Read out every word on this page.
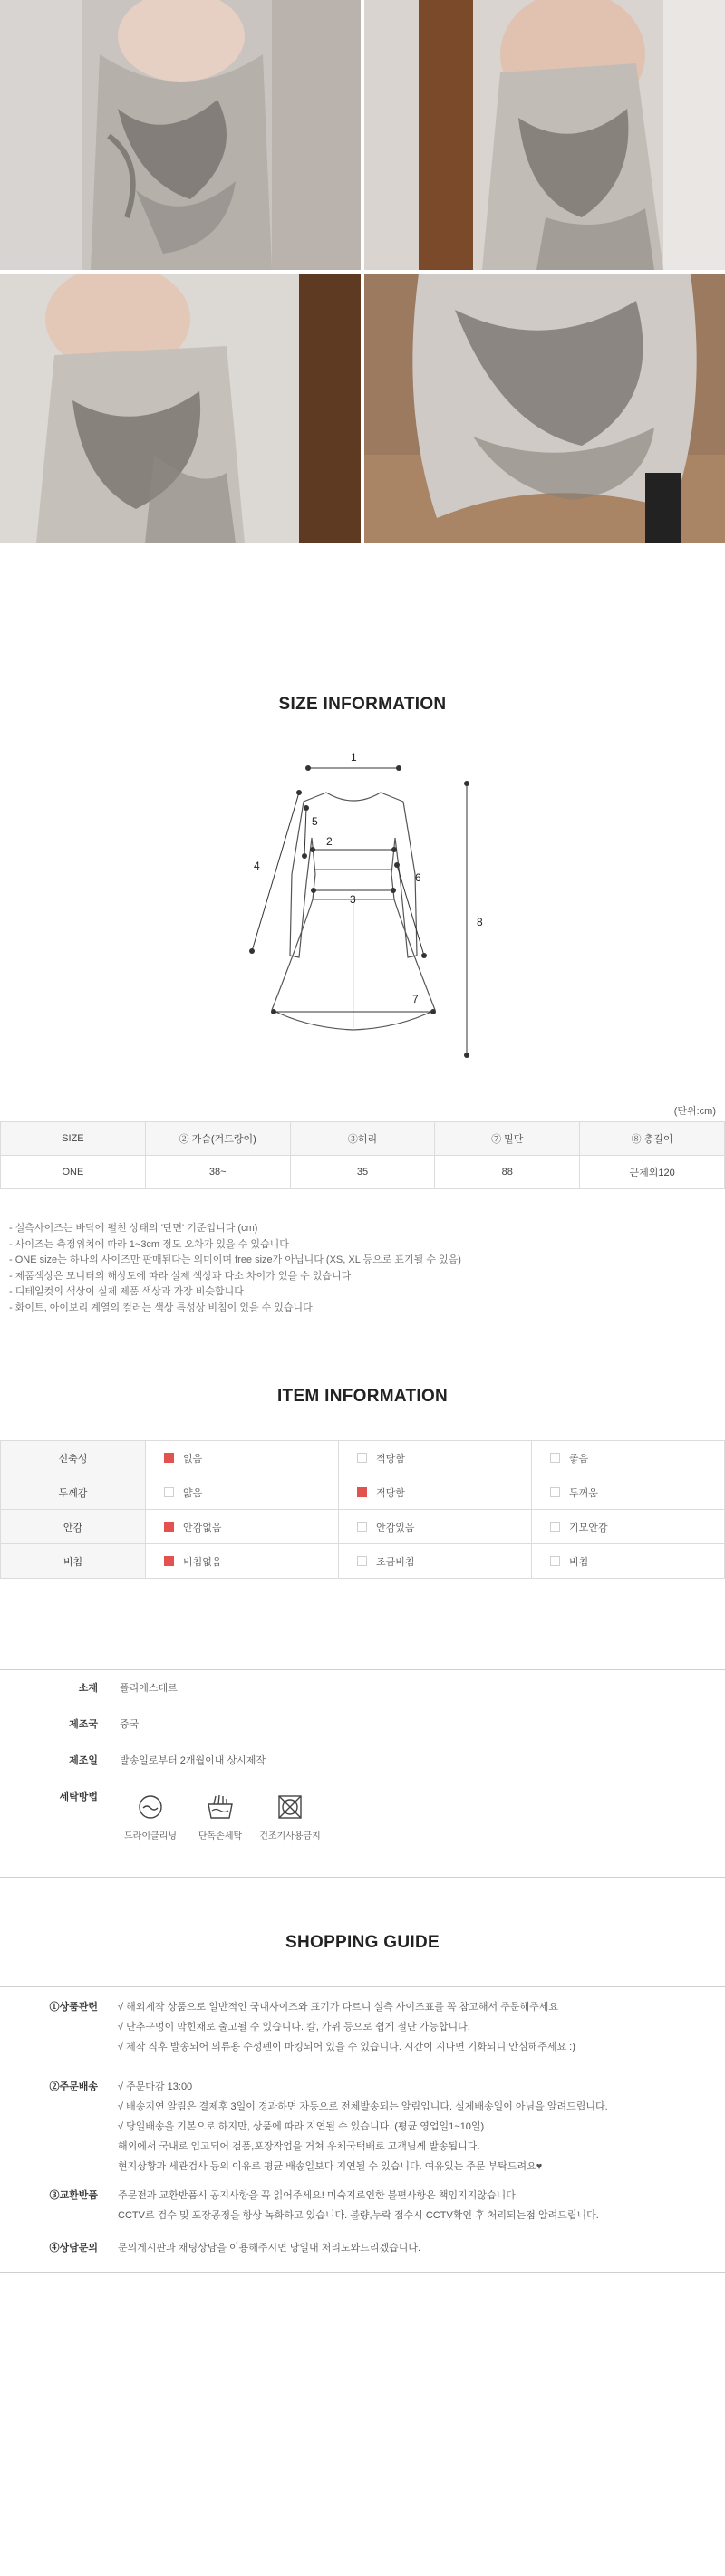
SIZE INFORMATION
1
2
3
4
5
6
7
8
(단위:cm)
SIZE	② 가슴(겨드랑이)	③허리	⑦ 밑단	⑧ 총길이
ONE	38~	35	88	끈제외120
- 실측사이즈는 바닥에 펼친 상태의 '단면' 기준입니다 (cm)
- 사이즈는 측정위치에 따라 1~3cm 정도 오차가 있을 수 있습니다
- ONE size는 하나의 사이즈만 판매된다는 의미이며 free size가 아닙니다 (XS, XL 등으로 표기될 수 있음)
- 제품색상은 모니터의 해상도에 따라 실제 색상과 다소 차이가 있을 수 있습니다
- 디테일컷의 색상이 실제 제품 색상과 가장 비슷합니다
- 화이트, 아이보리 계열의 컬러는 색상 특성상 비침이 있을 수 있습니다
ITEM INFORMATION
신축성	없음	적당함	좋음
두께감	얇음	적당함	두꺼움
안감	안감없음	안감있음	기모안감
비침	비침없음	조금비침	비침
소재 폴리에스테르
제조국 중국
제조일 발송일로부터 2개월이내 상시제작
세탁방법
드라이클리닝	단독손세탁	건조기사용금지
SHOPPING GUIDE
①상품관련 √ 해외제작 상품으로 일반적인 국내사이즈와 표기가 다르니 실측 사이즈표를 꼭 참고해서 주문해주세요
√ 단추구멍이 막힌채로 출고될 수 있습니다. 칼, 가위 등으로 쉽게 절단 가능합니다.
√ 제작 직후 발송되어 의류용 수성펜이 마킹되어 있을 수 있습니다. 시간이 지나면 기화되니 안심해주세요 :)
②주문배송 √ 주문마감 13:00
√ 배송지연 알림은 결제후 3일이 경과하면 자동으로 전체발송되는 알림입니다. 실제배송일이 아님을 알려드립니다.
√ 당일배송을 기본으로 하지만, 상품에 따라 지연될 수 있습니다. (평균 영업일1~10일)
해외에서 국내로 입고되어 검품,포장작업을 거쳐 우체국택배로 고객님께 발송됩니다.
현지상황과 세관검사 등의 이유로 평균 배송일보다 지연될 수 있습니다. 여유있는 주문 부탁드려요♥
③교환반품 주문전과 교환반품시 공지사항을 꼭 읽어주세요! 미숙지로인한 불편사항은 책임지지않습니다.
CCTV로 검수 및 포장공정을 항상 녹화하고 있습니다. 불량,누락 접수시 CCTV확인 후 처리되는점 알려드립니다.
④상담문의 문의게시판과 채팅상담을 이용해주시면 당일내 처리도와드리겠습니다.
